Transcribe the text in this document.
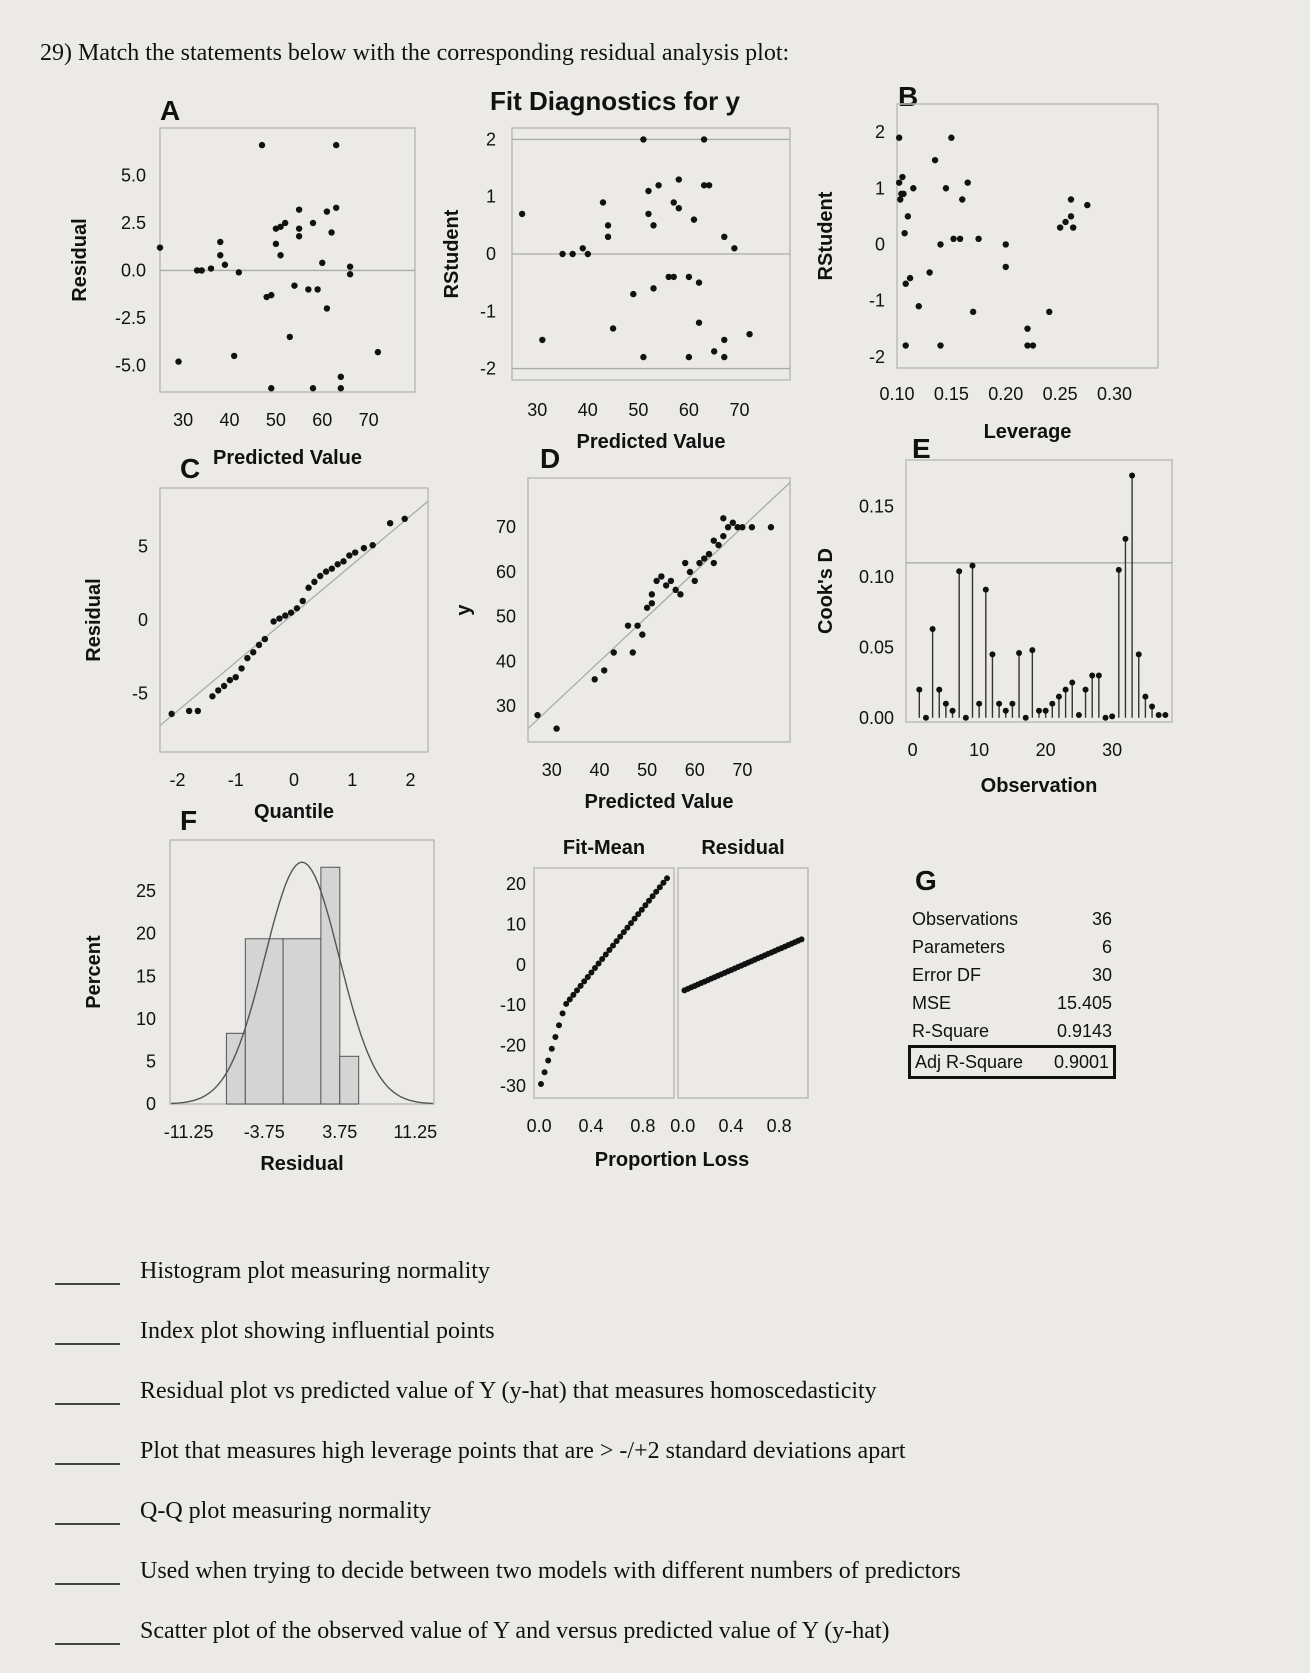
29) Match the statements below with the corresponding residual analysis plot:
A	Fit Diagnostics for y	B
C	D	E
F
G
30 40 50 60 70
5.0
2.5
0.0
-2.5
-5.0
Predicted Value
Residual
30 40 50 60 70
2
1
0
-1
-2
Predicted Value
RStudent
0.10 0.15 0.20 0.25 0.30
2
1
0
-1
-2
Leverage
RStudent
-2 -1	0	1	2
5
0
-5
Quantile
Residual
30 40 50 60 70
70
60
50
40
30
Predicted Value
y
0	10	20	30
0.15
0.10
0.05
0.00
Observation
Cook's D
-11.25 -3.75 3.75 11.25
25
20
15
10
5
0
Residual
Percent
0.0 0.4 0.8
20
10
0
-10
-20
-30
Fit-Mean
0.0 0.4 0.8
Residual
Proportion Loss
Observations	36
Parameters	6
Error DF	30
MSE	15.405
R-Square	0.9143
Adj R-Square 0.9001
Histogram plot measuring normality
Index plot showing influential points
Residual plot vs predicted value of Y (y-hat) that measures homoscedasticity
Plot that measures high leverage points that are > -/+2 standard deviations apart
Q-Q plot measuring normality
Used when trying to decide between two models with different numbers of predictors
Scatter plot of the observed value of Y and versus predicted value of Y (y-hat)
